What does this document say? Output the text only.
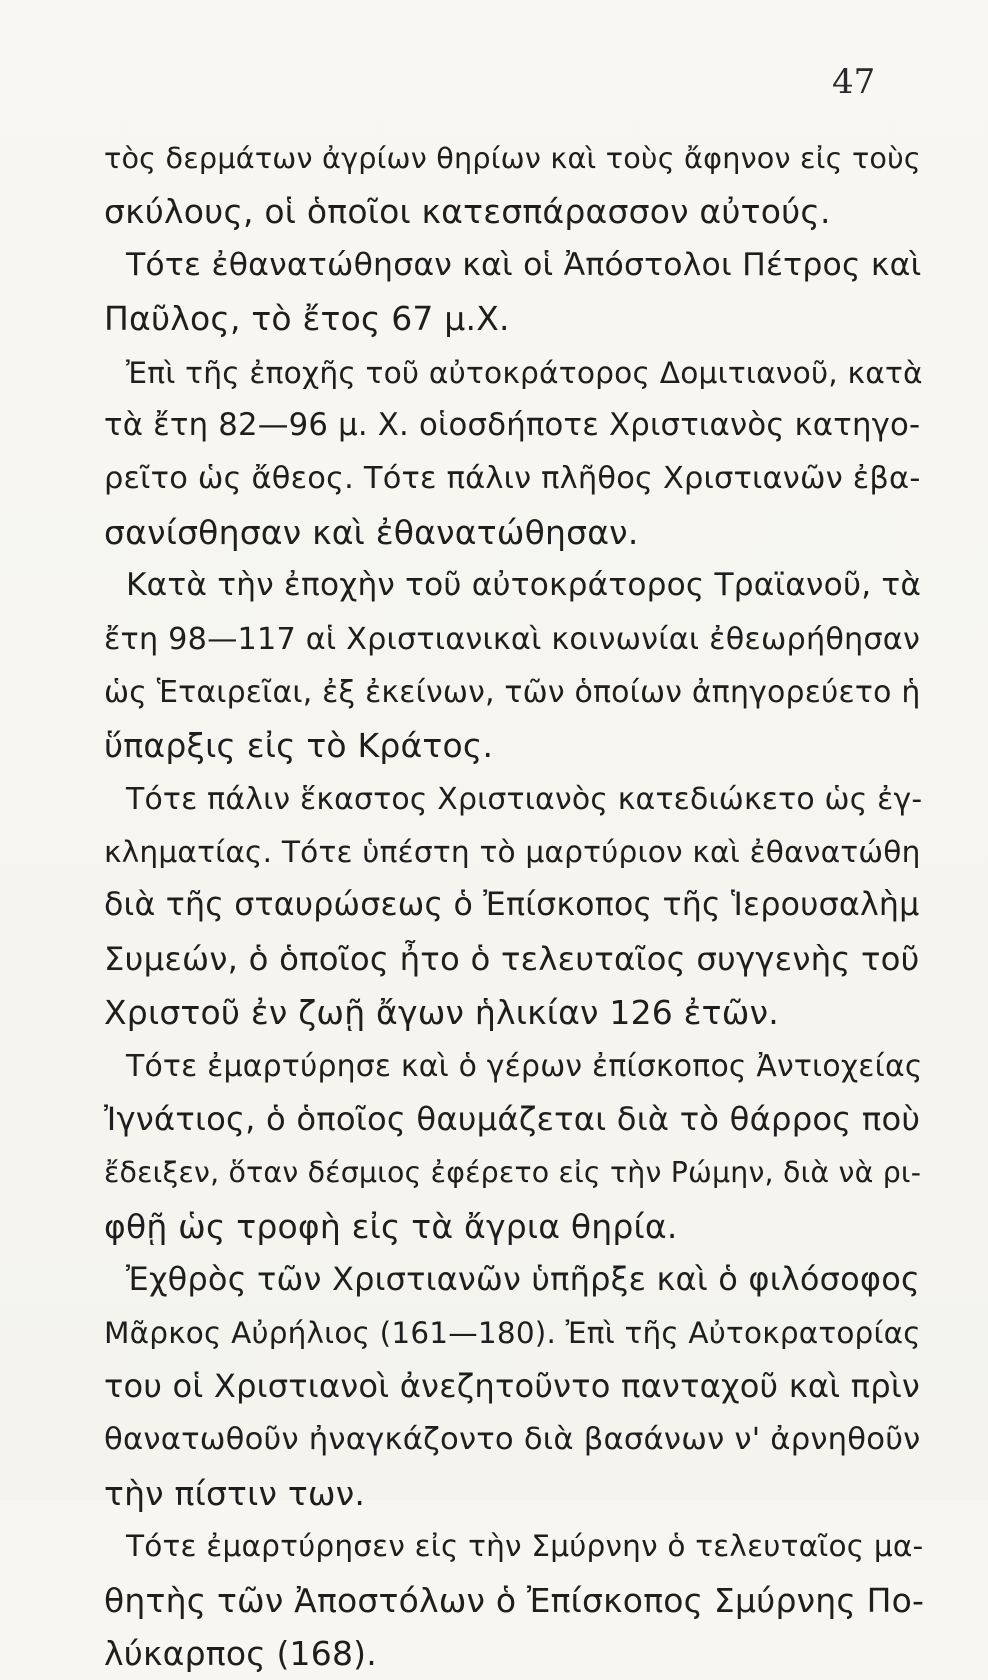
47
τὸς δερμάτων ἀγρίων θηρίων καὶ τοὺς ἄφηνον εἰς τοὺς
σκύλους, οἱ ὁποῖοι κατεσπάρασσον αὐτούς.
Τότε ἐθανατώθησαν καὶ οἱ Ἀπόστολοι Πέτρος καὶ
Παῦλος, τὸ ἔτος 67 μ.Χ.
Ἐπὶ τῆς ἐποχῆς τοῦ αὐτοκράτορος Δομιτιανοῦ, κατὰ
τὰ ἔτη 82—96 μ. Χ. οἱοσδήποτε Χριστιανὸς κατηγο-
ρεῖτο ὡς ἄθεος. Τότε πάλιν πλῆθος Χριστιανῶν ἐβα-
σανίσθησαν καὶ ἐθανατώθησαν.
Κατὰ τὴν ἐποχὴν τοῦ αὐτοκράτορος Τραϊανοῦ, τὰ
ἔτη 98—117 αἱ Χριστιανικαὶ κοινωνίαι ἐθεωρήθησαν
ὡς Ἑταιρεῖαι, ἐξ ἐκείνων, τῶν ὁποίων ἀπηγορεύετο ἡ
ὕπαρξις εἰς τὸ Κράτος.
Τότε πάλιν ἕκαστος Χριστιανὸς κατεδιώκετο ὡς ἐγ-
κληματίας. Τότε ὑπέστη τὸ μαρτύριον καὶ ἐθανατώθη
διὰ τῆς σταυρώσεως ὁ Ἐπίσκοπος τῆς Ἱερουσαλὴμ
Συμεών, ὁ ὁποῖος ἦτο ὁ τελευταῖος συγγενὴς τοῦ
Χριστοῦ ἐν ζωῇ ἄγων ἡλικίαν 126 ἐτῶν.
Τότε ἐμαρτύρησε καὶ ὁ γέρων ἐπίσκοπος Ἀντιοχείας
Ἰγνάτιος, ὁ ὁποῖος θαυμάζεται διὰ τὸ θάρρος ποὺ
ἔδειξεν, ὅταν δέσμιος ἐφέρετο εἰς τὴν Ρώμην, διὰ νὰ ρι-
φθῇ ὡς τροφὴ εἰς τὰ ἄγρια θηρία.
Ἐχθρὸς τῶν Χριστιανῶν ὑπῆρξε καὶ ὁ φιλόσοφος
Μᾶρκος Αὐρήλιος (161—180). Ἐπὶ τῆς Αὐτοκρατορίας
του οἱ Χριστιανοὶ ἀνεζητοῦντο πανταχοῦ καὶ πρὶν
θανατωθοῦν ἠναγκάζοντο διὰ βασάνων ν' ἀρνηθοῦν
τὴν πίστιν των.
Τότε ἐμαρτύρησεν εἰς τὴν Σμύρνην ὁ τελευταῖος μα-
θητὴς τῶν Ἀποστόλων ὁ Ἐπίσκοπος Σμύρνης Πο-
λύκαρπος (168).
